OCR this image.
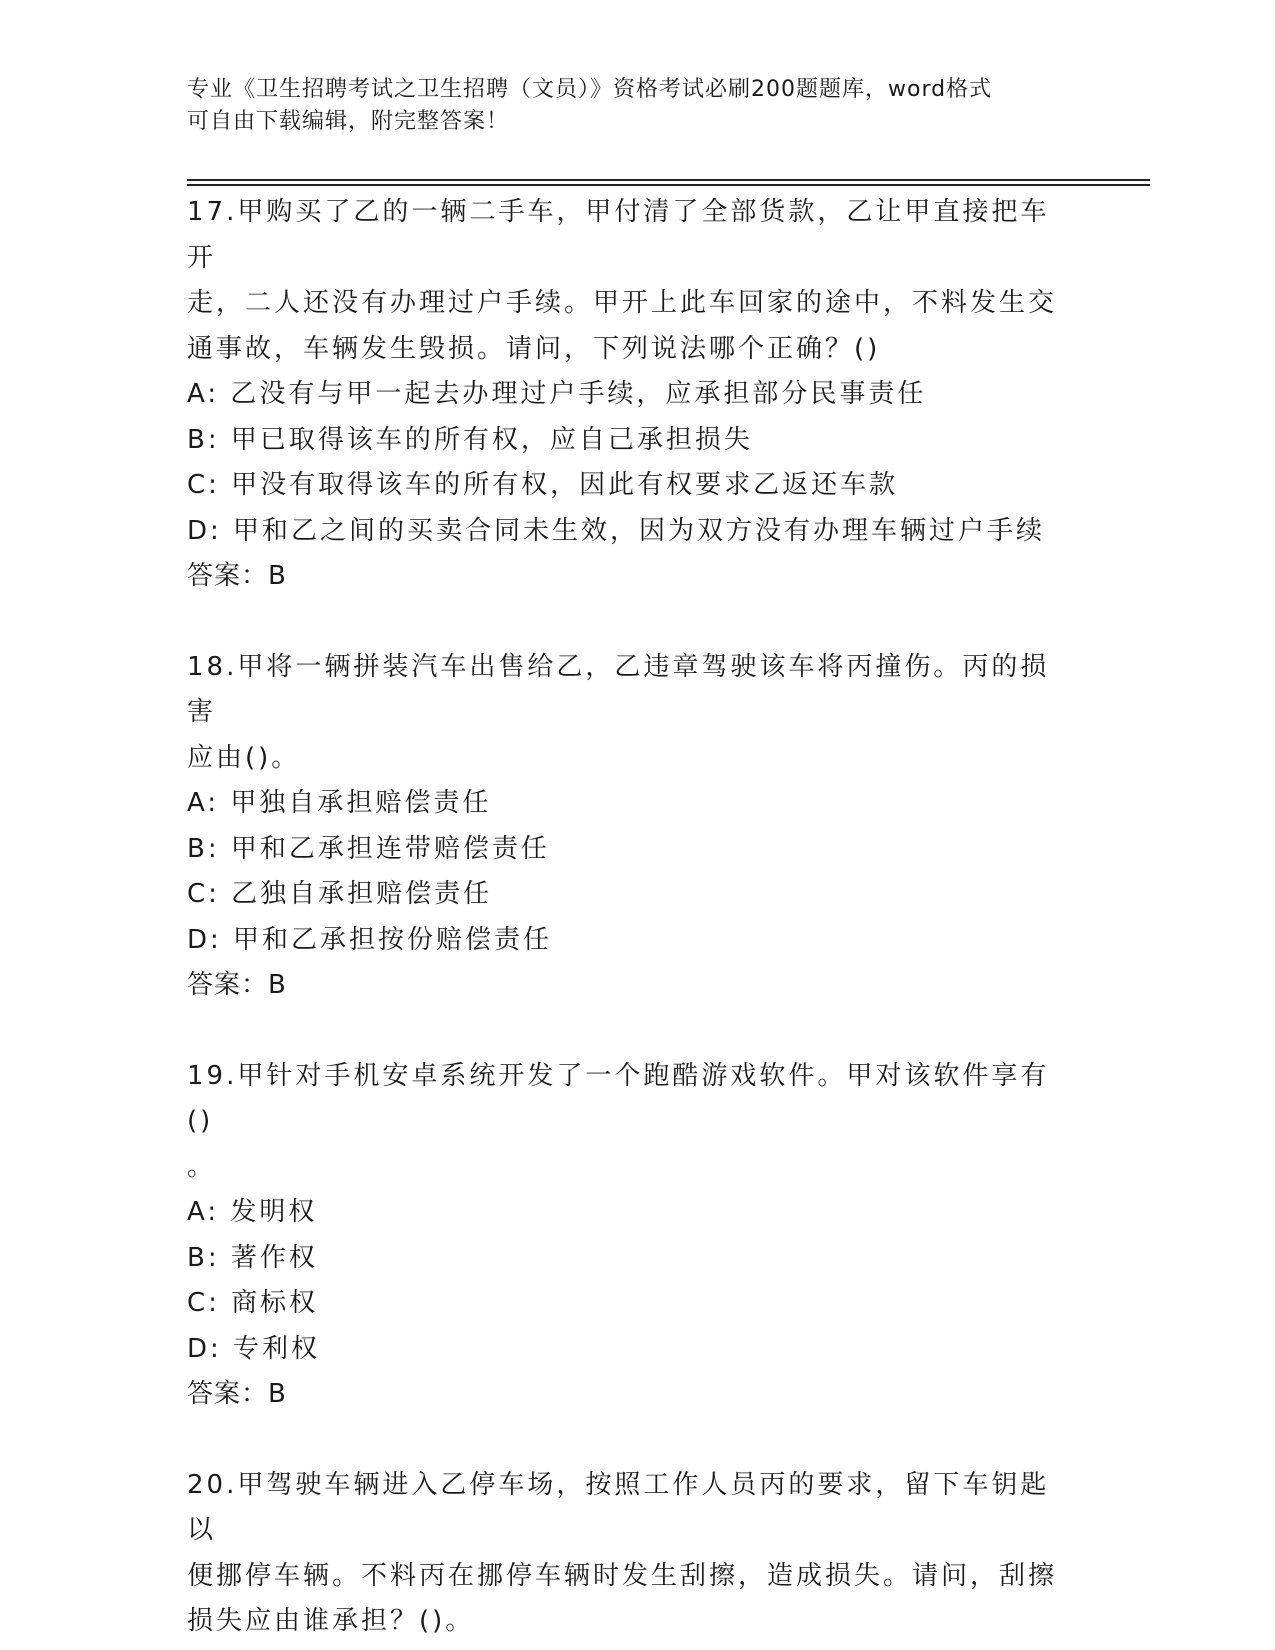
专业《卫生招聘考试之卫生招聘（文员）》资格考试必刷200题题库，word格式
可自由下载编辑，附完整答案！

17.甲购买了乙的一辆二手车，甲付清了全部货款，乙让甲直接把车开

走，二人还没有办理过户手续。甲开上此车回家的途中，不料发生交

通事故，车辆发生毁损。请问，下列说法哪个正确？()

A: 乙没有与甲一起去办理过户手续，应承担部分民事责任

B: 甲已取得该车的所有权，应自己承担损失

C: 甲没有取得该车的所有权，因此有权要求乙返还车款

D: 甲和乙之间的买卖合同未生效，因为双方没有办理车辆过户手续

答案：B

18.甲将一辆拼装汽车出售给乙，乙违章驾驶该车将丙撞伤。丙的损害

应由()。

A: 甲独自承担赔偿责任

B: 甲和乙承担连带赔偿责任

C: 乙独自承担赔偿责任

D: 甲和乙承担按份赔偿责任

答案：B

19.甲针对手机安卓系统开发了一个跑酷游戏软件。甲对该软件享有()

。

A: 发明权

B: 著作权

C: 商标权

D: 专利权

答案：B

20.甲驾驶车辆进入乙停车场，按照工作人员丙的要求，留下车钥匙以

便挪停车辆。不料丙在挪停车辆时发生刮擦，造成损失。请问，刮擦

损失应由谁承担？()。
